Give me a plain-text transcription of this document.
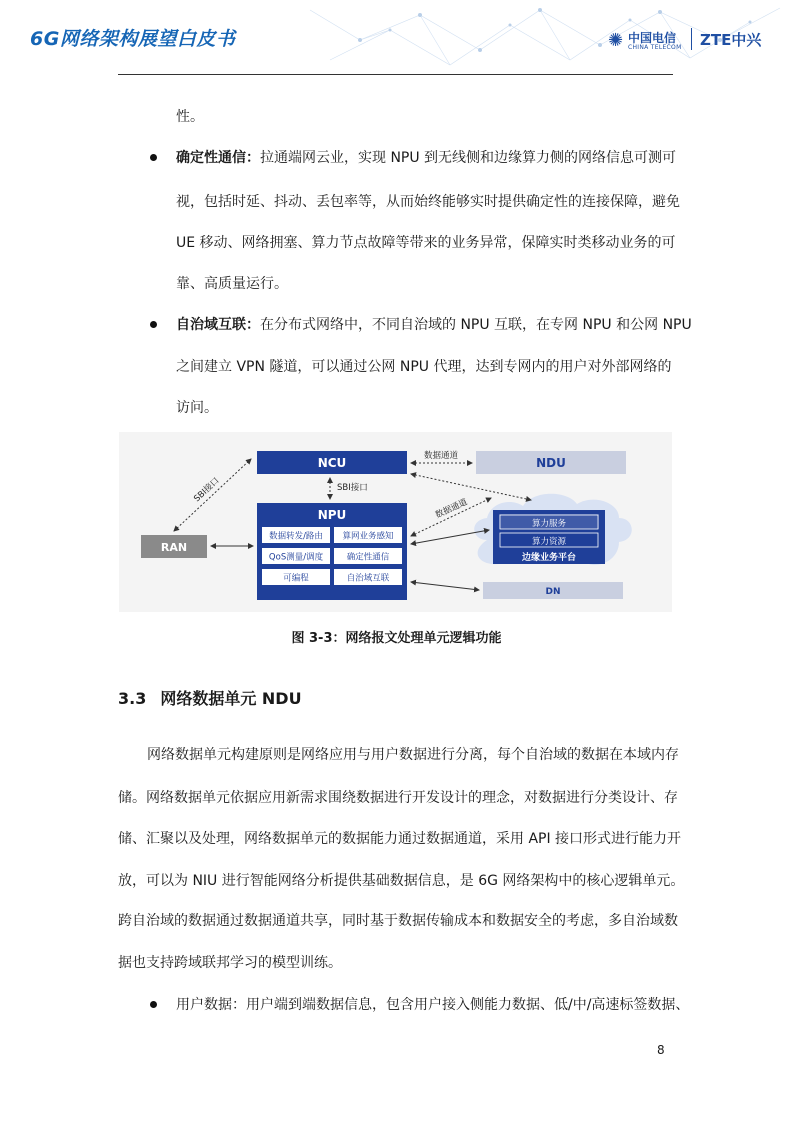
6G网络架构展望白皮书	✺ 中国电信
CHINA TELECOM ZTE中兴
性。
确定性通信：拉通端网云业，实现 NPU 到无线侧和边缘算力侧的网络信息可测可
视，包括时延、抖动、丢包率等，从而始终能够实时提供确定性的连接保障，避免
UE 移动、网络拥塞、算力节点故障等带来的业务异常，保障实时类移动业务的可
靠、高质量运行。
自治域互联：在分布式网络中，不同自治域的 NPU 互联，在专网 NPU 和公网 NPU
之间建立 VPN 隧道，可以通过公网 NPU 代理，达到专网内的用户对外部网络的
访问。
NCU	NDU
数据通道
SBI接口
NPU
数据转发/路由 算网业务感知
QoS测量/调度	确定性通信
可编程	自治域互联
RAN
SBI接口
算力服务
算力资源
边缘业务平台
DN
数据通道
图 3-3：网络报文处理单元逻辑功能
3.3 网络数据单元 NDU
网络数据单元构建原则是网络应用与用户数据进行分离，每个自治域的数据在本域内存
储。网络数据单元依据应用新需求围绕数据进行开发设计的理念，对数据进行分类设计、存
储、汇聚以及处理，网络数据单元的数据能力通过数据通道，采用 API 接口形式进行能力开
放，可以为 NIU 进行智能网络分析提供基础数据信息，是 6G 网络架构中的核心逻辑单元。
跨自治域的数据通过数据通道共享，同时基于数据传输成本和数据安全的考虑，多自治域数
据也支持跨域联邦学习的模型训练。
用户数据：用户端到端数据信息，包含用户接入侧能力数据、低/中/高速标签数据、
8
